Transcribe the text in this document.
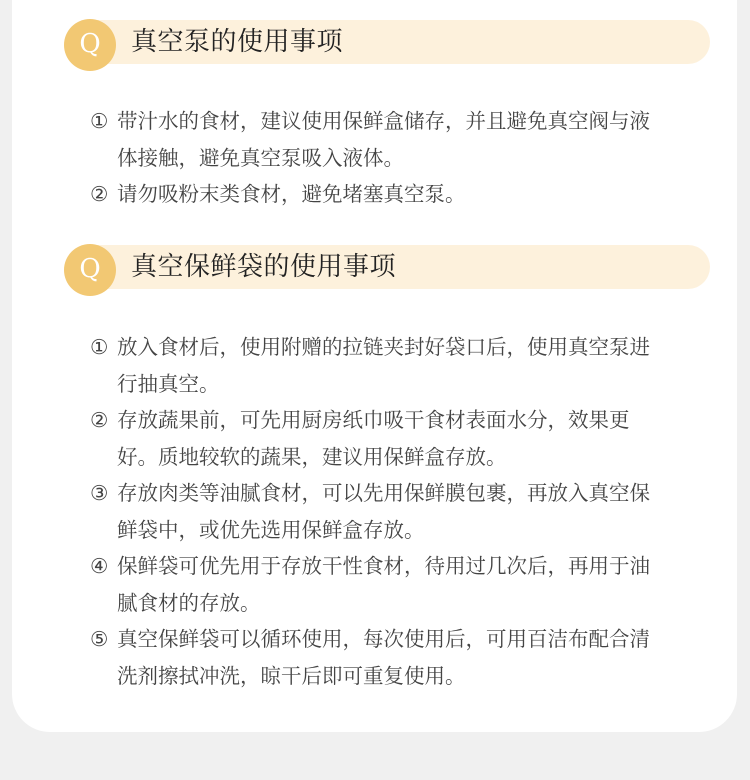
Q	真空泵的使用事项
① 带汁水的食材，建议使用保鲜盒储存，并且避免真空阀与液体接触，避免真空泵吸入液体。
② 请勿吸粉末类食材，避免堵塞真空泵。
Q	真空保鲜袋的使用事项
① 放入食材后，使用附赠的拉链夹封好袋口后，使用真空泵进行抽真空。
② 存放蔬果前，可先用厨房纸巾吸干食材表面水分，效果更好。质地较软的蔬果，建议用保鲜盒存放。
③ 存放肉类等油腻食材，可以先用保鲜膜包裹，再放入真空保鲜袋中，或优先选用保鲜盒存放。
④ 保鲜袋可优先用于存放干性食材，待用过几次后，再用于油腻食材的存放。
⑤ 真空保鲜袋可以循环使用，每次使用后，可用百洁布配合清洗剂擦拭冲洗，晾干后即可重复使用。
